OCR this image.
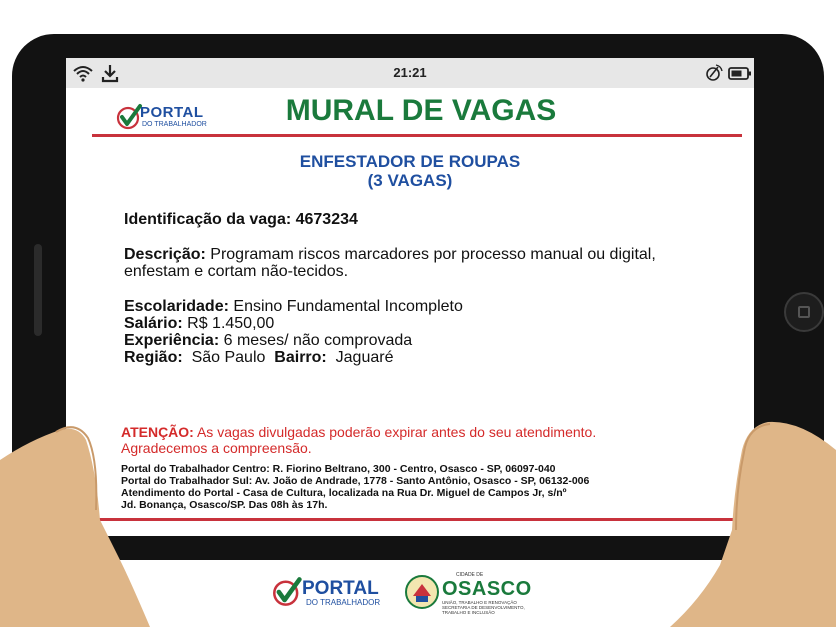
21:21
PORTAL
DO TRABALHADOR	MURAL DE VAGAS
ENFESTADOR DE ROUPAS
(3 VAGAS)
Identificação da vaga: 4673234
Descrição: Programam riscos marcadores por processo manual ou digital,
enfestam e cortam não-tecidos.
Escolaridade: Ensino Fundamental Incompleto
Salário: R$ 1.450,00
Experiência: 6 meses/ não comprovada
Região: São Paulo Bairro: Jaguaré
ATENÇÃO: As vagas divulgadas poderão expirar antes do seu atendimento.
Agradecemos a compreensão.
Portal do Trabalhador Centro: R. Fiorino Beltrano, 300 - Centro, Osasco - SP, 06097-040
Portal do Trabalhador Sul: Av. João de Andrade, 1778 - Santo Antônio, Osasco - SP, 06132-006
Atendimento do Portal - Casa de Cultura, localizada na Rua Dr. Miguel de Campos Jr, s/nº
Jd. Bonança, Osasco/SP. Das 08h às 17h.
PORTAL
DO TRABALHADOR
CIDADE DE
OSASCO
UNIÃO, TRABALHO E RENOVAÇÃO
SECRETARIA DE DESENVOLVIMENTO,
TRABALHO E INCLUSÃO
